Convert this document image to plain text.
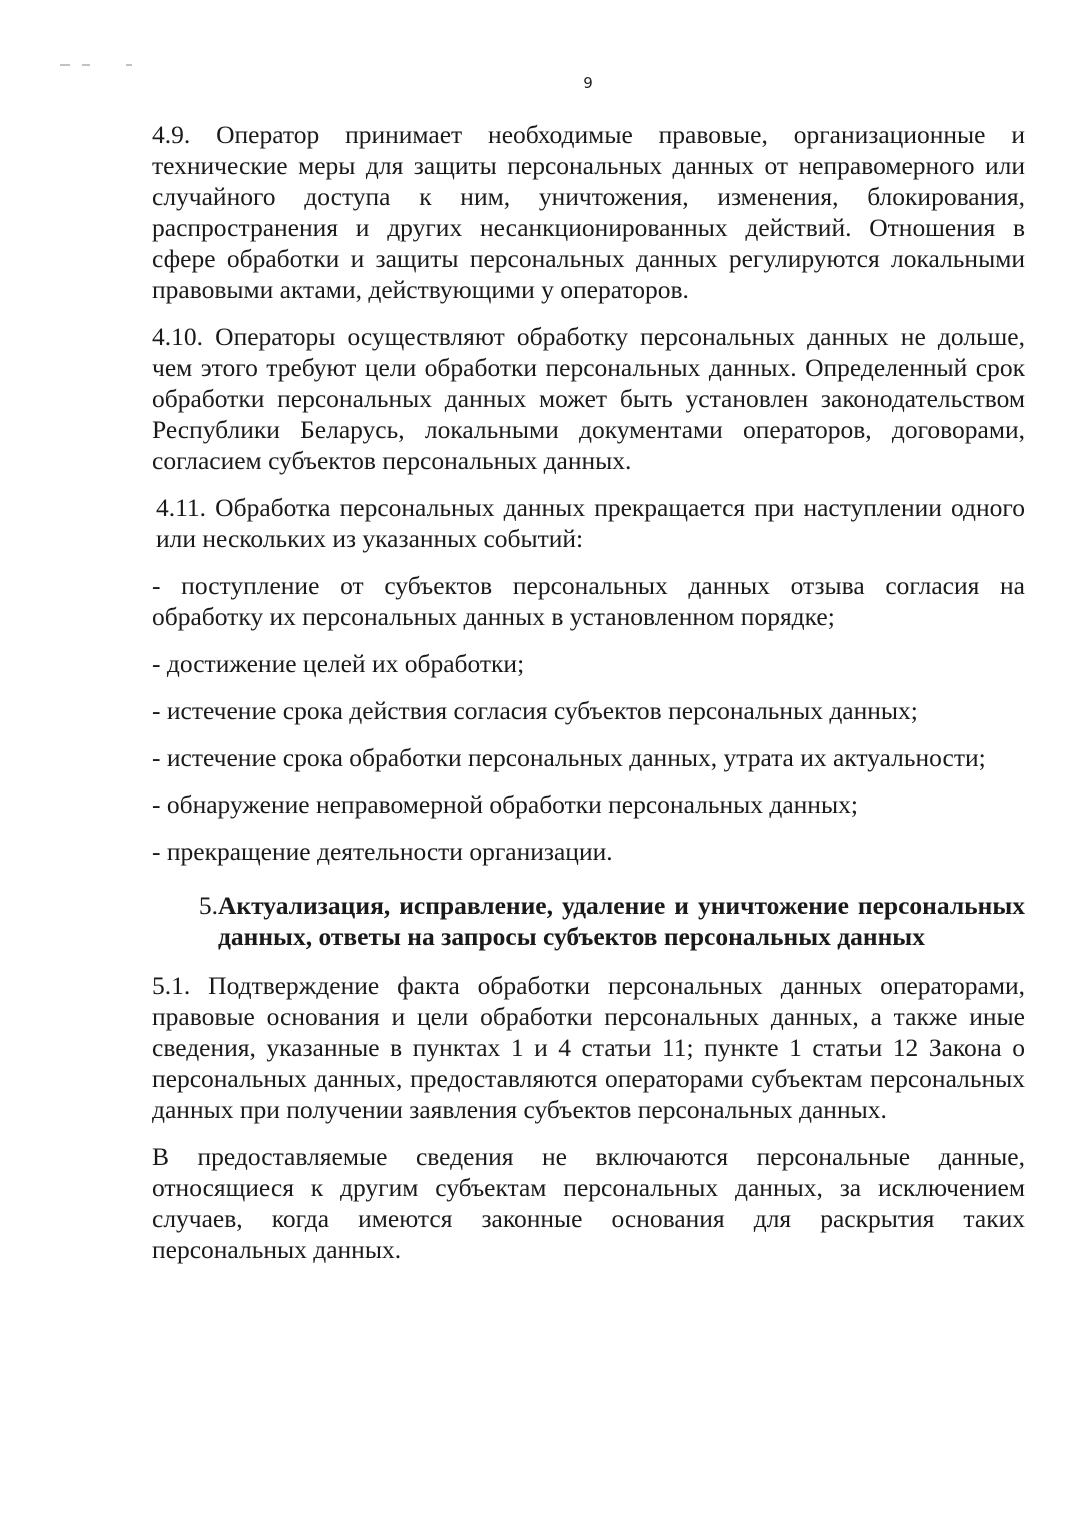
9

4.9. Оператор принимает необходимые правовые, организационные и технические меры для защиты персональных данных от неправомерного или случайного доступа к ним, уничтожения, изменения, блокирования, распространения и других несанкционированных действий. Отношения в сфере обработки и защиты персональных данных регулируются локальными правовыми актами, действующими у операторов.

4.10. Операторы осуществляют обработку персональных данных не дольше, чем этого требуют цели обработки персональных данных. Определенный срок обработки персональных данных может быть установлен законодательством Республики Беларусь, локальными документами операторов, договорами, согласием субъектов персональных данных.

4.11. Обработка персональных данных прекращается при наступлении одного или нескольких из указанных событий:

- поступление от субъектов персональных данных отзыва согласия на обработку их персональных данных в установленном порядке;

- достижение целей их обработки;

- истечение срока действия согласия субъектов персональных данных;

- истечение срока обработки персональных данных, утрата их актуальности;

- обнаружение неправомерной обработки персональных данных;

- прекращение деятельности организации.

5. Актуализация, исправление, удаление и уничтожение персональных данных, ответы на запросы субъектов персональных данных

5.1. Подтверждение факта обработки персональных данных операторами, правовые основания и цели обработки персональных данных, а также иные сведения, указанные в пунктах 1 и 4 статьи 11; пункте 1 статьи 12 Закона о персональных данных, предоставляются операторами субъектам персональных данных при получении заявления субъектов персональных данных.

В предоставляемые сведения не включаются персональные данные, относящиеся к другим субъектам персональных данных, за исключением случаев, когда имеются законные основания для раскрытия таких персональных данных.
